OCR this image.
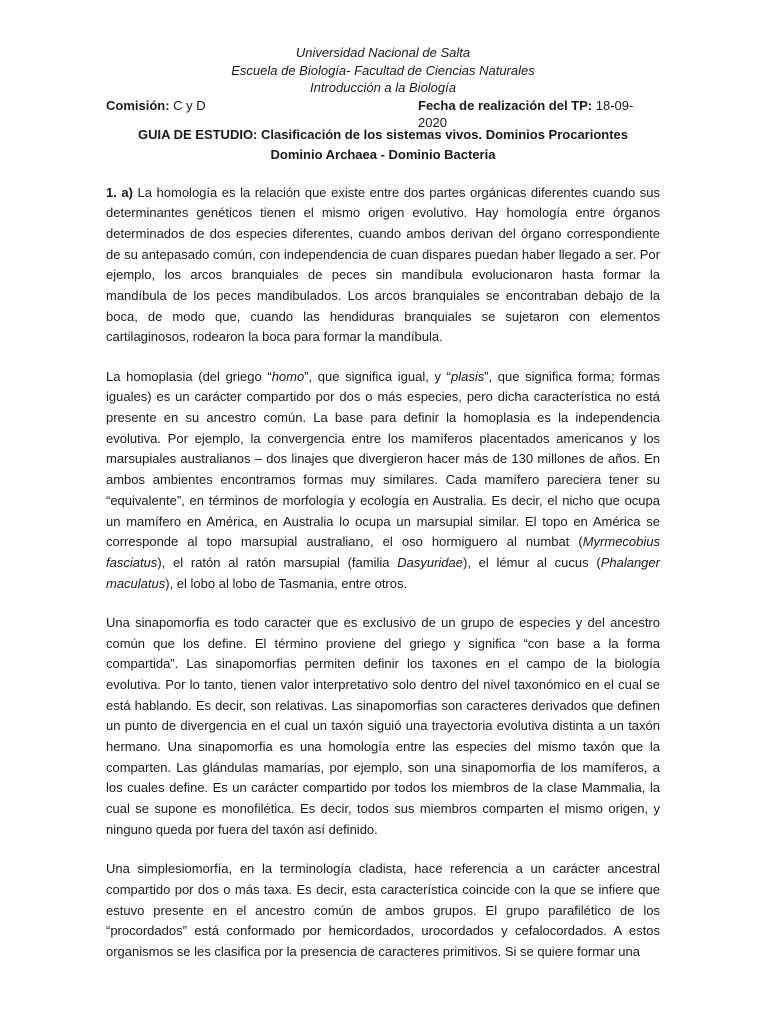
Universidad Nacional de Salta
Escuela de Biología- Facultad de Ciencias Naturales
Introducción a la Biología
Comisión: C y D	Fecha de realización del TP: 18-09-2020
GUIA DE ESTUDIO: Clasificación de los sistemas vivos. Dominios Procariontes Dominio Archaea - Dominio Bacteria

1. a) La homología es la relación que existe entre dos partes orgánicas diferentes cuando sus determinantes genéticos tienen el mismo origen evolutivo. Hay homología entre órganos determinados de dos especies diferentes, cuando ambos derivan del órgano correspondiente de su antepasado común, con independencia de cuan dispares puedan haber llegado a ser. Por ejemplo, los arcos branquiales de peces sin mandíbula evolucionaron hasta formar la mandíbula de los peces mandibulados. Los arcos branquiales se encontraban debajo de la boca, de modo que, cuando las hendiduras branquiales se sujetaron con elementos cartilaginosos, rodearon la boca para formar la mandíbula.

La homoplasia (del griego “homo”, que significa igual, y “plasis”, que significa forma; formas iguales) es un carácter compartido por dos o más especies, pero dicha característica no está presente en su ancestro común. La base para definir la homoplasia es la independencia evolutiva. Por ejemplo, la convergencia entre los mamíferos placentados americanos y los marsupiales australianos – dos linajes que divergieron hacer más de 130 millones de años. En ambos ambientes encontramos formas muy similares. Cada mamífero pareciera tener su “equivalente”, en términos de morfología y ecología en Australia. Es decir, el nicho que ocupa un mamífero en América, en Australia lo ocupa un marsupial similar. El topo en América se corresponde al topo marsupial australiano, el oso hormiguero al numbat (Myrmecobius fasciatus), el ratón al ratón marsupial (familia Dasyuridae), el lémur al cucus (Phalanger maculatus), el lobo al lobo de Tasmania, entre otros.

Una sinapomorfia es todo caracter que es exclusivo de un grupo de especies y del ancestro común que los define. El término proviene del griego y significa “con base a la forma compartida”. Las sinapomorfias permiten definir los taxones en el campo de la biología evolutiva. Por lo tanto, tienen valor interpretativo solo dentro del nivel taxonómico en el cual se está hablando. Es decir, son relativas. Las sinapomorfias son caracteres derivados que definen un punto de divergencia en el cual un taxón siguió una trayectoria evolutiva distinta a un taxón hermano. Una sinapomorfia es una homología entre las especies del mismo taxón que la comparten. Las glándulas mamarias, por ejemplo, son una sinapomorfia de los mamíferos, a los cuales define. Es un carácter compartido por todos los miembros de la clase Mammalia, la cual se supone es monofilética. Es decir, todos sus miembros comparten el mismo origen, y ninguno queda por fuera del taxón así definido.

Una simplesiomorfía, en la terminología cladista, hace referencia a un carácter ancestral compartido por dos o más taxa. Es decir, esta característica coincide con la que se infiere que estuvo presente en el ancestro común de ambos grupos. El grupo parafilético de los “procordados” está conformado por hemicordados, urocordados y cefalocordados. A estos organismos se les clasifica por la presencia de caracteres primitivos. Si se quiere formar una
